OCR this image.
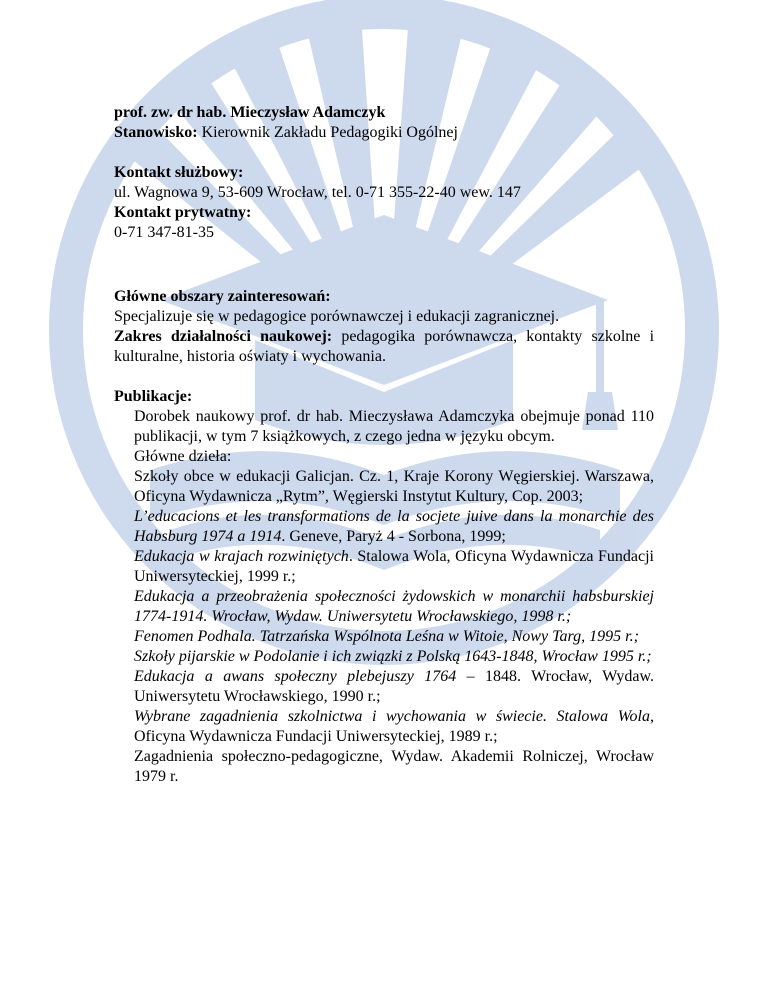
prof. zw. dr hab. Mieczysław Adamczyk

Stanowisko: Kierownik Zakładu Pedagogiki Ogólnej

Kontakt służbowy:

ul. Wagnowa 9, 53-609 Wrocław, tel. 0-71 355-22-40 wew. 147

Kontakt prytwatny:

0-71 347-81-35

Główne obszary zainteresowań:

Specjalizuje się w pedagogice porównawczej i edukacji zagranicznej.

Zakres działalności naukowej: pedagogika porównawcza, kontakty szkolne i kulturalne, historia oświaty i wychowania.

Publikacje:

Dorobek naukowy prof. dr hab. Mieczysława Adamczyka obejmuje ponad 110 publikacji, w tym 7 książkowych, z czego jedna w języku obcym.

Główne dzieła:

Szkoły obce w edukacji Galicjan. Cz. 1, Kraje Korony Węgierskiej. Warszawa, Oficyna Wydawnicza „Rytm”, Węgierski Instytut Kultury, Cop. 2003;

L’educacions et les transformations de la socjete juive dans la monarchie des Habsburg 1974 a 1914. Geneve, Paryż 4 - Sorbona, 1999;

Edukacja w krajach rozwiniętych. Stalowa Wola, Oficyna Wydawnicza Fundacji Uniwersyteckiej, 1999 r.;

Edukacja a przeobrażenia społeczności żydowskich w monarchii habsburskiej 1774-1914. Wrocław, Wydaw. Uniwersytetu Wrocławskiego, 1998 r.;

Fenomen Podhala. Tatrzańska Wspólnota Leśna w Witoie, Nowy Targ, 1995 r.;

Szkoły pijarskie w Podolanie i ich związki z Polską 1643-1848, Wrocław 1995 r.;

Edukacja a awans społeczny plebejuszy 1764 – 1848. Wrocław, Wydaw. Uniwersytetu Wrocławskiego, 1990 r.;

Wybrane zagadnienia szkolnictwa i wychowania w świecie. Stalowa Wola, Oficyna Wydawnicza Fundacji Uniwersyteckiej, 1989 r.;

Zagadnienia społeczno-pedagogiczne, Wydaw. Akademii Rolniczej, Wrocław 1979 r.
